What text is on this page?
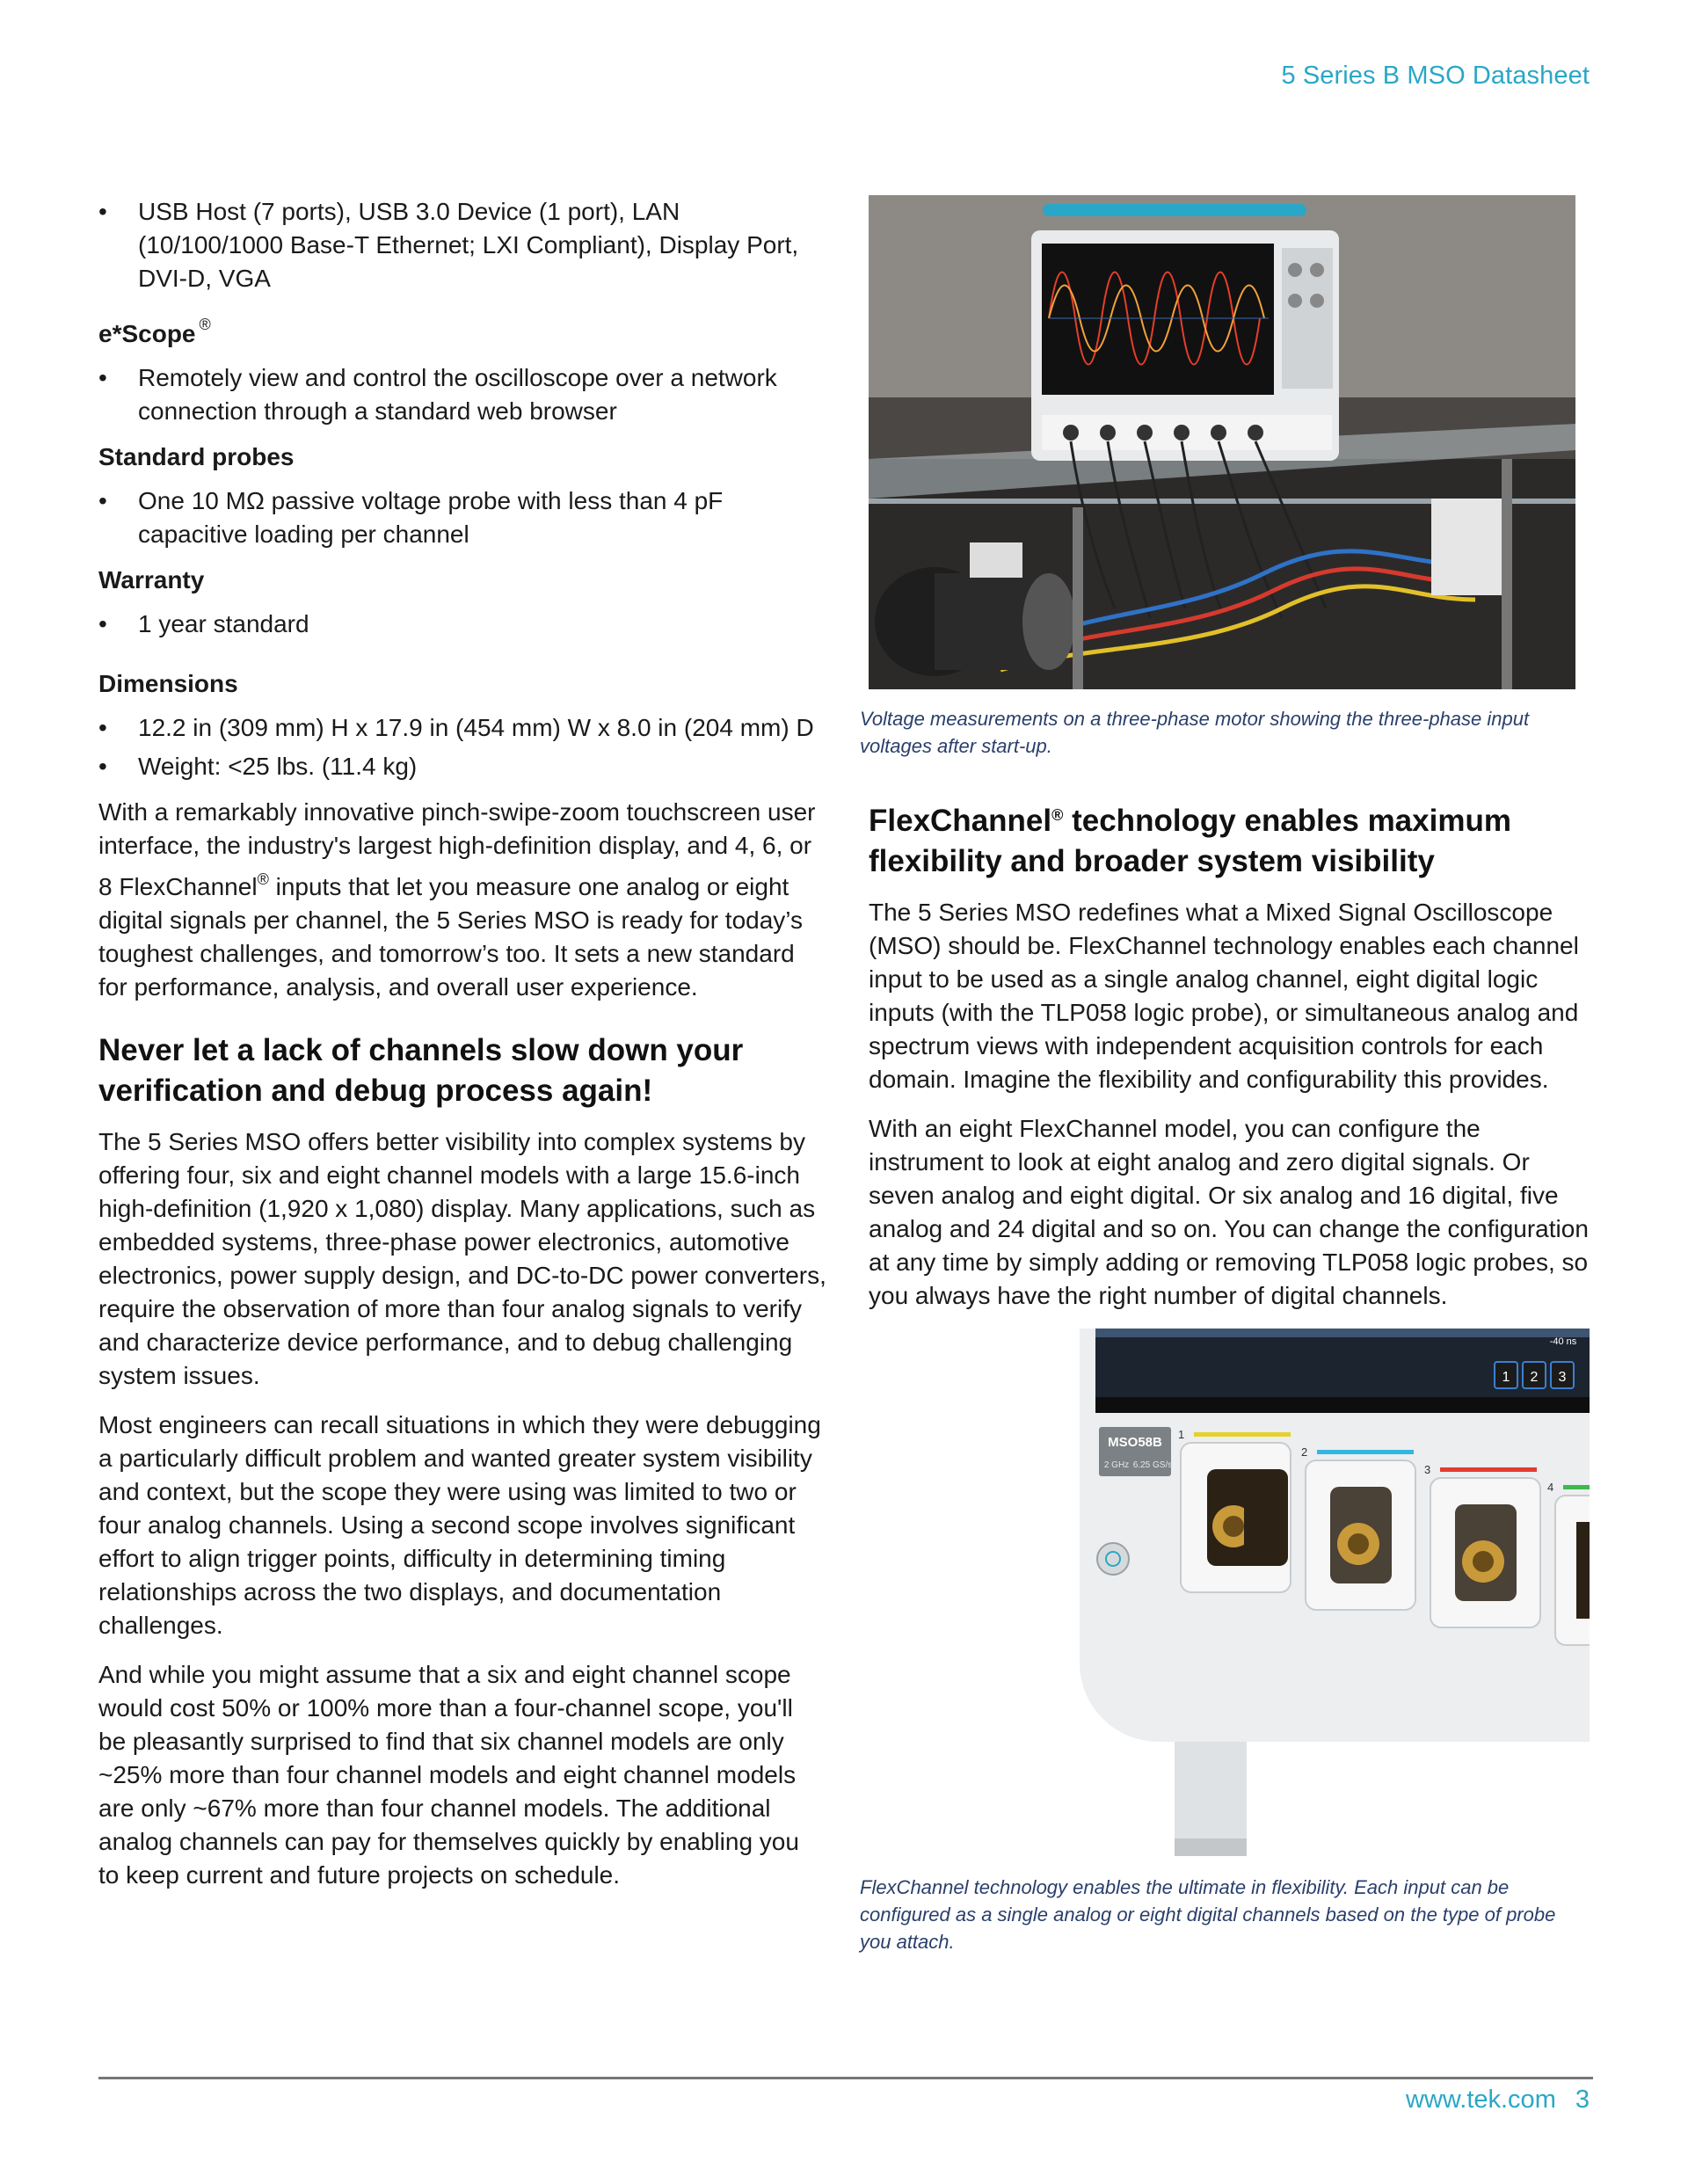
5 Series B MSO Datasheet
• USB Host (7 ports), USB 3.0 Device (1 port), LAN (10/100/1000 Base-T Ethernet; LXI Compliant), Display Port, DVI-D, VGA
e*Scope ®
• Remotely view and control the oscilloscope over a network connection through a standard web browser
Standard probes
• One 10 MΩ passive voltage probe with less than 4 pF capacitive loading per channel
Warranty
• 1 year standard
Dimensions
• 12.2 in (309 mm) H x 17.9 in (454 mm) W x 8.0 in (204 mm) D
• Weight: <25 lbs. (11.4 kg)

With a remarkably innovative pinch-swipe-zoom touchscreen user interface, the industry's largest high-definition display, and 4, 6, or 8 FlexChannel® inputs that let you measure one analog or eight digital signals per channel, the 5 Series MSO is ready for today’s toughest challenges, and tomorrow’s too. It sets a new standard for performance, analysis, and overall user experience.

Never let a lack of channels slow down your verification and debug process again!

The 5 Series MSO offers better visibility into complex systems by offering four, six and eight channel models with a large 15.6-inch high-definition (1,920 x 1,080) display. Many applications, such as embedded systems, three-phase power electronics, automotive electronics, power supply design, and DC-to-DC power converters, require the observation of more than four analog signals to verify and characterize device performance, and to debug challenging system issues.

Most engineers can recall situations in which they were debugging a particularly difficult problem and wanted greater system visibility and context, but the scope they were using was limited to two or four analog channels. Using a second scope involves significant effort to align trigger points, difficulty in determining timing relationships across the two displays, and documentation challenges.

And while you might assume that a six and eight channel scope would cost 50% or 100% more than a four-channel scope, you'll be pleasantly surprised to find that six channel models are only ~25% more than four channel models and eight channel models are only ~67% more than four channel models. The additional analog channels can pay for themselves quickly by enabling you to keep current and future projects on schedule.

Voltage measurements on a three-phase motor showing the three-phase input voltages after start-up.
FlexChannel® technology enables maximum flexibility and broader system visibility

The 5 Series MSO redefines what a Mixed Signal Oscilloscope (MSO) should be. FlexChannel technology enables each channel input to be used as a single analog channel, eight digital logic inputs (with the TLP058 logic probe), or simultaneous analog and spectrum views with independent acquisition controls for each domain. Imagine the flexibility and configurability this provides.

With an eight FlexChannel model, you can configure the instrument to look at eight analog and zero digital signals. Or seven analog and eight digital. Or six analog and 16 digital, five analog and 24 digital and so on. You can change the configuration at any time by simply adding or removing TLP058 logic probes, so you always have the right number of digital channels.

1 2 3
-40 ns
MSO58B
2 GHz 6.25 GS/s
1
2
3
4
FlexChannel technology enables the ultimate in flexibility. Each input can be configured as a single analog or eight digital channels based on the type of probe you attach.
www.tek.com 3
